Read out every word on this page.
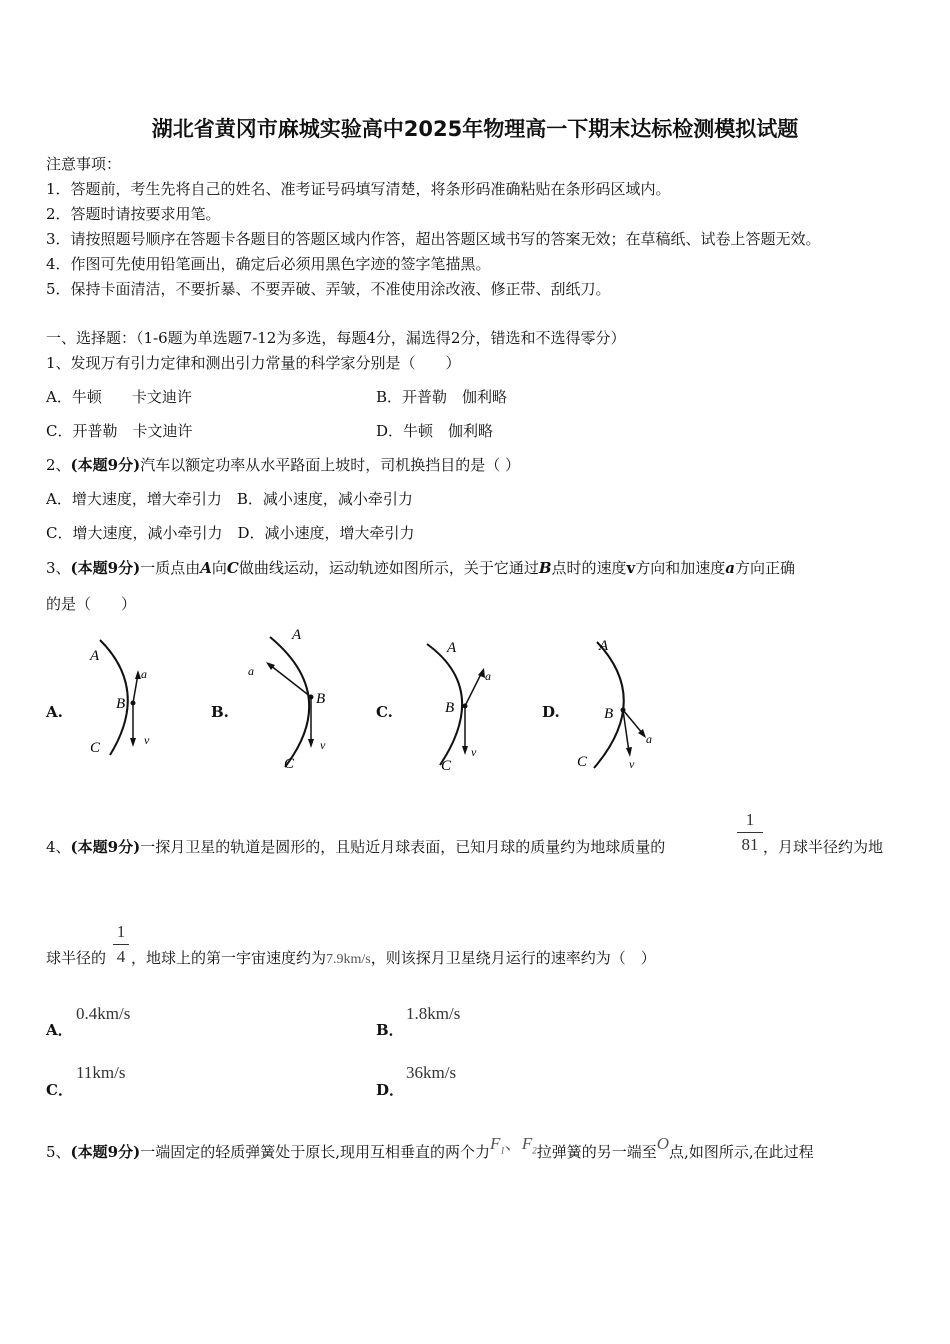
湖北省黄冈市麻城实验高中2025年物理高一下期末达标检测模拟试题
注意事项：
1．答题前，考生先将自己的姓名、准考证号码填写清楚，将条形码准确粘贴在条形码区域内。
2．答题时请按要求用笔。
3．请按照题号顺序在答题卡各题目的答题区域内作答，超出答题区域书写的答案无效；在草稿纸、试卷上答题无效。
4．作图可先使用铅笔画出，确定后必须用黑色字迹的签字笔描黑。
5．保持卡面清洁，不要折暴、不要弄破、弄皱，不准使用涂改液、修正带、刮纸刀。
一、选择题：（1-6题为单选题7-12为多选，每题4分，漏选得2分，错选和不选得零分）
1、发现万有引力定律和测出引力常量的科学家分别是（　　）
A．牛顿　　卡文迪许	B．开普勒　伽利略
C．开普勒　卡文迪许	D．牛顿　伽利略
2、(本题9分)汽车以额定功率从水平路面上坡时，司机换挡目的是（ ）
A．增大速度，增大牵引力　B．减小速度，减小牵引力
C．增大速度，减小牵引力　D．减小速度，增大牵引力
3、(本题9分)一质点由A向C做曲线运动，运动轨迹如图所示，关于它通过B点时的速度v方向和加速度a方向正确
的是（　　）
A.	B.	C.	D.
A
B
C
a
v
A
B
C
a
v
A
B
C
a
v
A
B
C
a
v
4、(本题9分)一探月卫星的轨道是圆形的，且贴近月球表面，已知月球的质量约为地球质量的
1
81 ，月球半径约为地
球半径的
1
4 ，地球上的第一宇宙速度约为7.9km/s，则该探月卫星绕月运行的速率约为（　）
A．
0.4km/s
B．
1.8km/s
C．
11km/s
D．
36km/s
5、(本题9分)一端固定的轻质弹簧处于原长,现用互相垂直的两个力$F_1$、$F_2$拉弹簧的另一端至O点,如图所示,在此过程
